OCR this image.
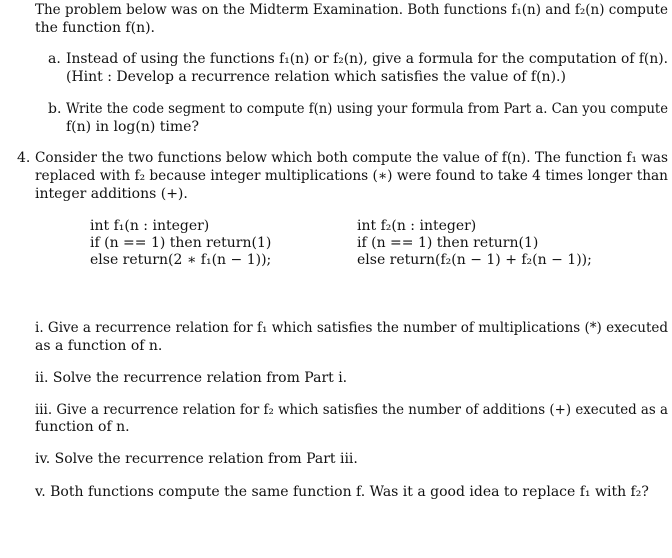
The problem below was on the Midterm Examination. Both functions f₁(n) and f₂(n) compute
the function f(n).
a. Instead of using the functions f₁(n) or f₂(n), give a formula for the computation of f(n).
(Hint : Develop a recurrence relation which satisfies the value of f(n).)
b. Write the code segment to compute f(n) using your formula from Part a. Can you compute
f(n) in log(n) time?
4. Consider the two functions below which both compute the value of f(n). The function f₁ was
replaced with f₂ because integer multiplications (∗) were found to take 4 times longer than
integer additions (+).
int f₁(n : integer)
if (n == 1) then return(1)
else return(2 ∗ f₁(n − 1));
int f₂(n : integer)
if (n == 1) then return(1)
else return(f₂(n − 1) + f₂(n − 1));
i. Give a recurrence relation for f₁ which satisfies the number of multiplications (*) executed
as a function of n.
ii. Solve the recurrence relation from Part i.
iii. Give a recurrence relation for f₂ which satisfies the number of additions (+) executed as a
function of n.
iv. Solve the recurrence relation from Part iii.
v. Both functions compute the same function f. Was it a good idea to replace f₁ with f₂?
